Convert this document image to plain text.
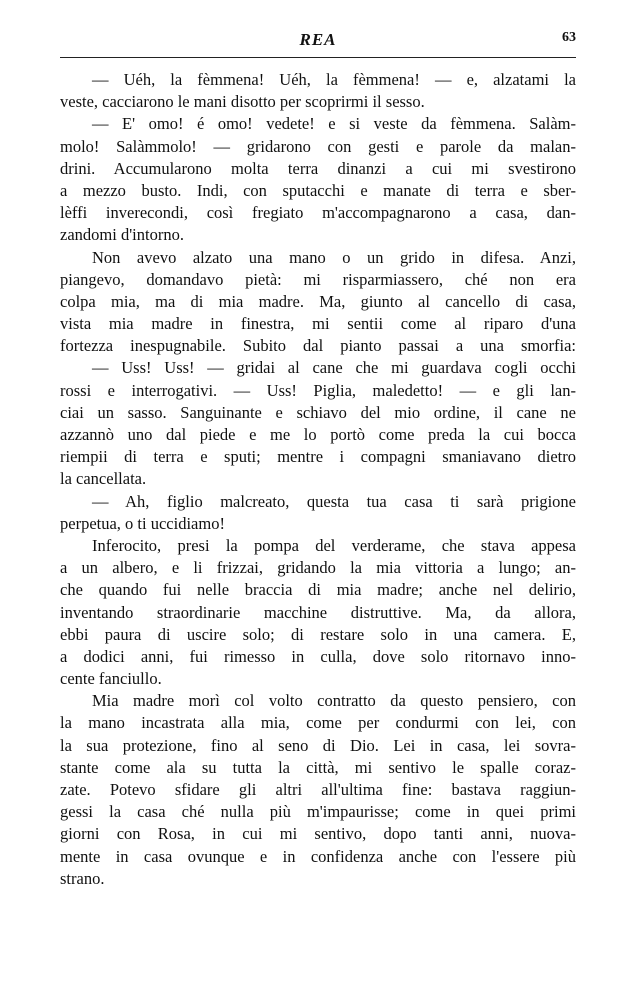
REA	63
— Uéh, la fèmmena! Uéh, la fèmmena! — e, alzatami la
veste, cacciarono le mani disotto per scoprirmi il sesso.
— E' omo! é omo! vedete! e si veste da fèmmena. Salàm-
molo! Salàmmolo! — gridarono con gesti e parole da malan-
drini. Accumularono molta terra dinanzi a cui mi svestirono
a mezzo busto. Indi, con sputacchi e manate di terra e sber-
lèffi inverecondi, così fregiato m'accompagnarono a casa, dan-
zandomi d'intorno.
Non avevo alzato una mano o un grido in difesa. Anzi,
piangevo, domandavo pietà: mi risparmiassero, ché non era
colpa mia, ma di mia madre. Ma, giunto al cancello di casa,
vista mia madre in finestra, mi sentii come al riparo d'una
fortezza inespugnabile. Subito dal pianto passai a una smorfia:
— Uss! Uss! — gridai al cane che mi guardava cogli occhi
rossi e interrogativi. — Uss! Piglia, maledetto! — e gli lan-
ciai un sasso. Sanguinante e schiavo del mio ordine, il cane ne
azzannò uno dal piede e me lo portò come preda la cui bocca
riempii di terra e sputi; mentre i compagni smaniavano dietro
la cancellata.
— Ah, figlio malcreato, questa tua casa ti sarà prigione
perpetua, o ti uccidiamo!
Inferocito, presi la pompa del verderame, che stava appesa
a un albero, e li frizzai, gridando la mia vittoria a lungo; an-
che quando fui nelle braccia di mia madre; anche nel delirio,
inventando straordinarie macchine distruttive. Ma, da allora,
ebbi paura di uscire solo; di restare solo in una camera. E,
a dodici anni, fui rimesso in culla, dove solo ritornavo inno-
cente fanciullo.
Mia madre morì col volto contratto da questo pensiero, con
la mano incastrata alla mia, come per condurmi con lei, con
la sua protezione, fino al seno di Dio. Lei in casa, lei sovra-
stante come ala su tutta la città, mi sentivo le spalle coraz-
zate. Potevo sfidare gli altri all'ultima fine: bastava raggiun-
gessi la casa ché nulla più m'impaurisse; come in quei primi
giorni con Rosa, in cui mi sentivo, dopo tanti anni, nuova-
mente in casa ovunque e in confidenza anche con l'essere più
strano.
